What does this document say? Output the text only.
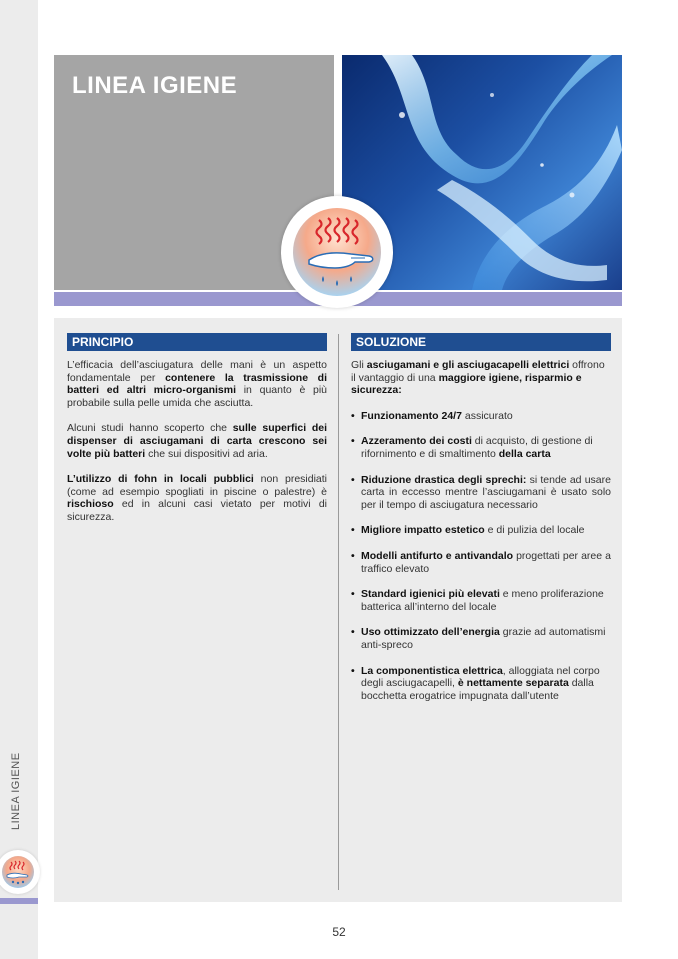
LINEA IGIENE
LINEA IGIENE
PRINCIPIO

L’efficacia dell’asciugatura delle mani è un aspetto fondamentale per contenere la trasmissione di batteri ed altri micro-organismi in quanto è più probabile sulla pelle umida che asciutta.

Alcuni studi hanno scoperto che sulle superfici dei dispenser di asciugamani di carta crescono sei volte più batteri che sui dispositivi ad aria.

L’utilizzo di fohn in locali pubblici non presidiati (come ad esempio spogliati in piscine o palestre) è rischioso ed in alcuni casi vietato per motivi di sicurezza.

SOLUZIONE

Gli asciugamani e gli asciugacapelli elettrici offrono il vantaggio di una maggiore igiene, risparmio e sicurezza:

• Funzionamento 24/7 assicurato
• Azzeramento dei costi di acquisto, di gestione di rifornimento e di smaltimento della carta
• Riduzione drastica degli sprechi: si tende ad usare carta in eccesso mentre l’asciugamani è usato solo per il tempo di asciugatura necessario
• Migliore impatto estetico e di pulizia del locale
• Modelli antifurto e antivandalo progettati per aree a traffico elevato
• Standard igienici più elevati e meno proliferazione batterica all’interno del locale
• Uso ottimizzato dell’energia grazie ad automatismi anti-spreco
• La componentistica elettrica, alloggiata nel corpo degli asciugacapelli, è nettamente separata dalla bocchetta erogatrice impugnata dall’utente
52
